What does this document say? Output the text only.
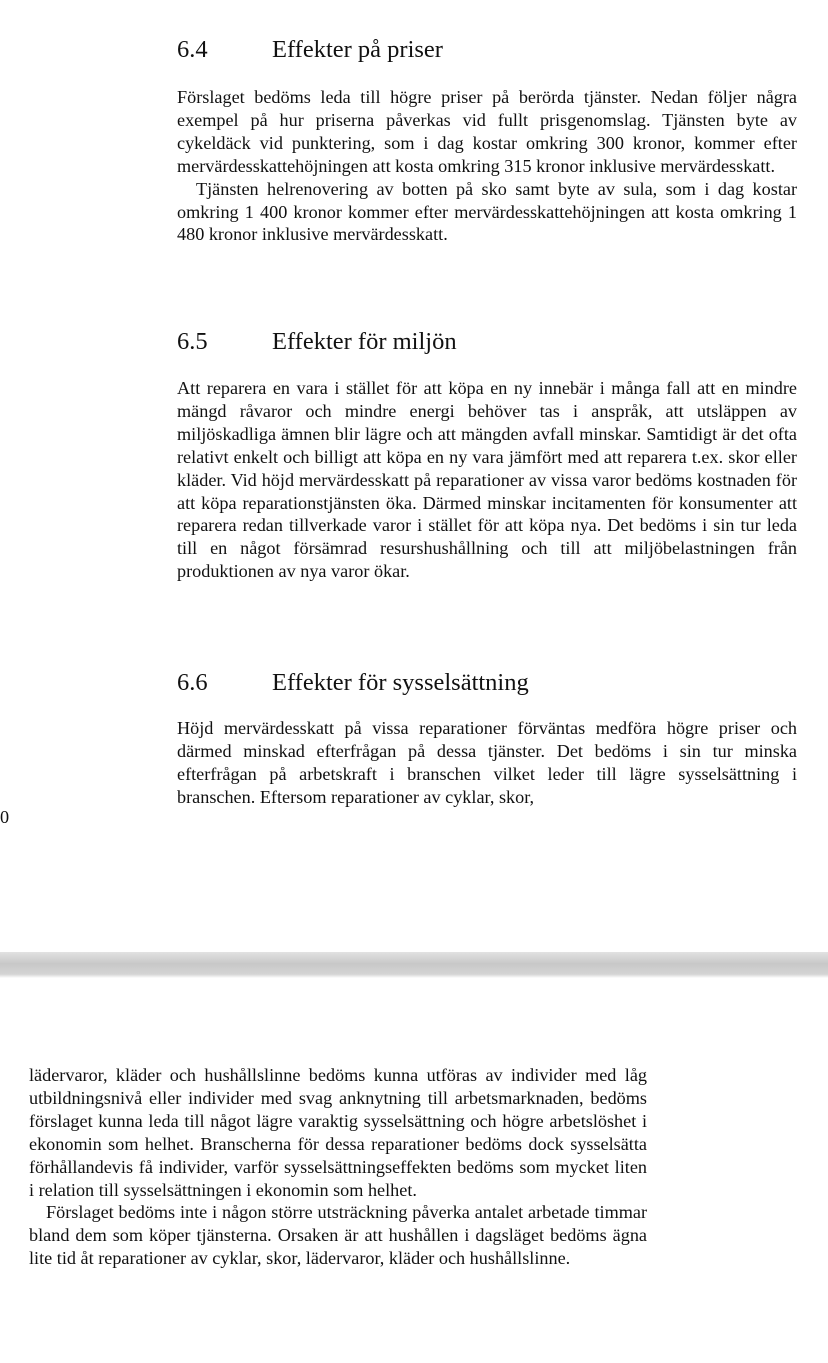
6.4	Effekter på priser

Förslaget bedöms leda till högre priser på berörda tjänster. Nedan följer några exempel på hur priserna påverkas vid fullt prisgenomslag. Tjänsten byte av cykeldäck vid punktering, som i dag kostar omkring 300 kronor, kommer efter mervärdesskattehöjningen att kosta omkring 315 kronor inklusive mervärdesskatt.

Tjänsten helrenovering av botten på sko samt byte av sula, som i dag kostar omkring 1 400 kronor kommer efter mervärdesskattehöjningen att kosta omkring 1 480 kronor inklusive mervärdesskatt.

6.5	Effekter för miljön

Att reparera en vara i stället för att köpa en ny innebär i många fall att en mindre mängd råvaror och mindre energi behöver tas i anspråk, att utsläppen av miljöskadliga ämnen blir lägre och att mängden avfall minskar. Samtidigt är det ofta relativt enkelt och billigt att köpa en ny vara jämfört med att reparera t.ex. skor eller kläder. Vid höjd mervärdesskatt på reparationer av vissa varor bedöms kostnaden för att köpa reparationstjänsten öka. Därmed minskar incitamenten för konsumenter att reparera redan tillverkade varor i stället för att köpa nya. Det bedöms i sin tur leda till en något försämrad resurshushållning och till att miljöbelastningen från produktionen av nya varor ökar.

6.6	Effekter för sysselsättning

Höjd mervärdesskatt på vissa reparationer förväntas medföra högre priser och därmed minskad efterfrågan på dessa tjänster. Det bedöms i sin tur minska efterfrågan på arbetskraft i branschen vilket leder till lägre sysselsättning i branschen. Eftersom reparationer av cyklar, skor,

0

lädervaror, kläder och hushållslinne bedöms kunna utföras av individer med låg utbildningsnivå eller individer med svag anknytning till arbetsmarknaden, bedöms förslaget kunna leda till något lägre varaktig sysselsättning och högre arbetslöshet i ekonomin som helhet. Branscherna för dessa reparationer bedöms dock sysselsätta förhållandevis få individer, varför sysselsättningseffekten bedöms som mycket liten i relation till sysselsättningen i ekonomin som helhet.

Förslaget bedöms inte i någon större utsträckning påverka antalet arbetade timmar bland dem som köper tjänsterna. Orsaken är att hushållen i dagsläget bedöms ägna lite tid åt reparationer av cyklar, skor, lädervaror, kläder och hushållslinne.
